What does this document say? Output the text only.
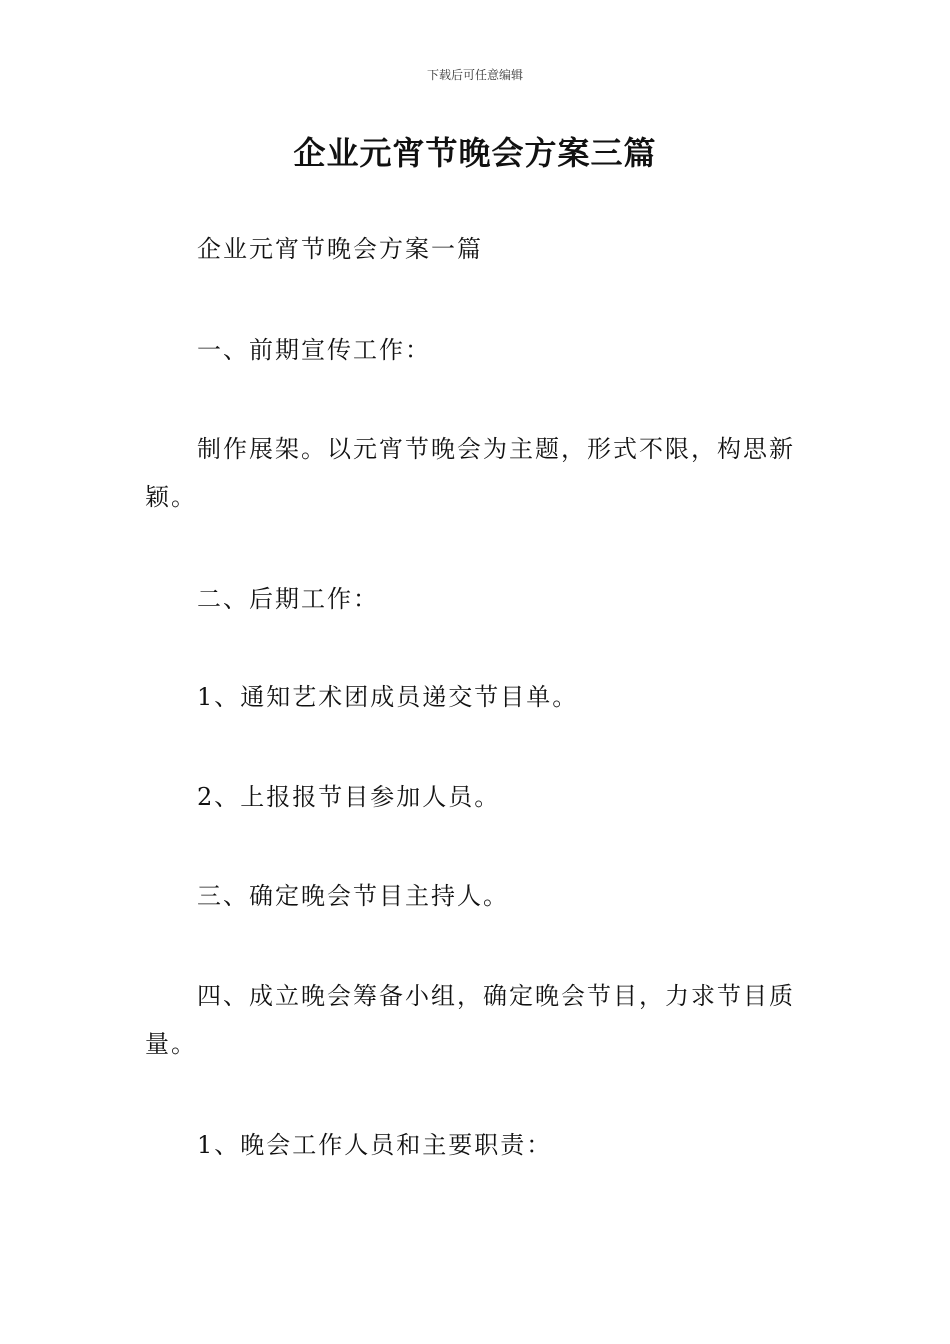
下载后可任意编辑
企业元宵节晚会方案三篇

企业元宵节晚会方案一篇

一、前期宣传工作：

制作展架。以元宵节晚会为主题，形式不限，构思新颖。

二、后期工作：

1、通知艺术团成员递交节目单。

2、上报报节目参加人员。

三、确定晚会节目主持人。

四、成立晚会筹备小组，确定晚会节目，力求节目质量。

1、晚会工作人员和主要职责：
